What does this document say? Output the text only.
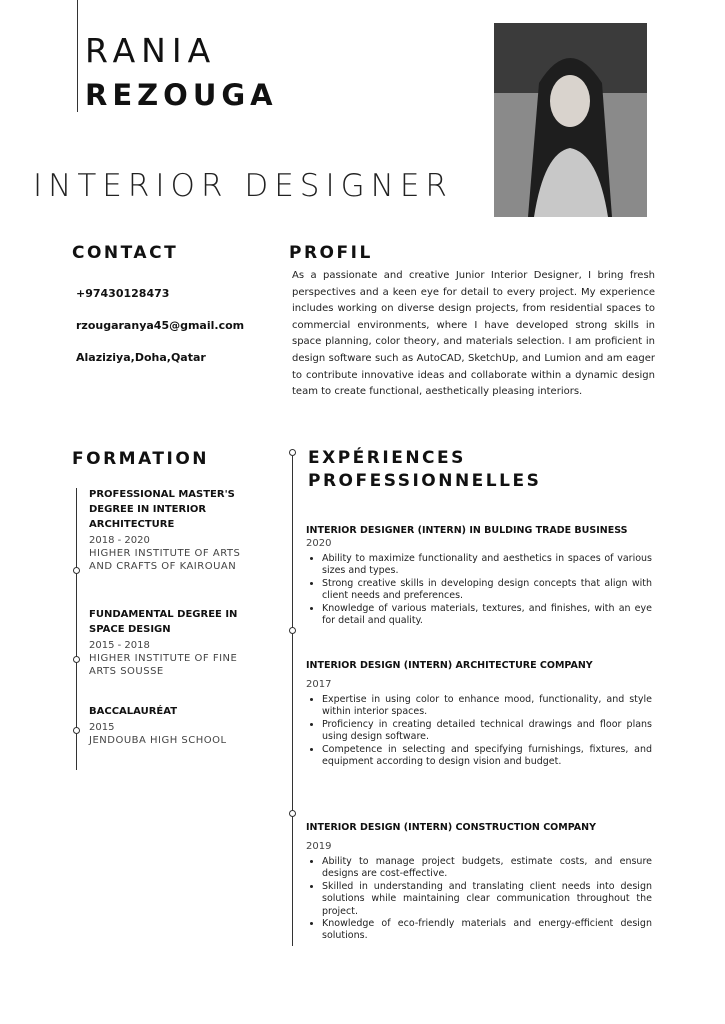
RANIA
REZOUGA
INTERIOR DESIGNER
CONTACT
+97430128473
rzougaranya45@gmail.com
Alaziziya,Doha,Qatar
PROFIL
As a passionate and creative Junior Interior Designer, I bring fresh perspectives and a keen eye for detail to every project. My experience includes working on diverse design projects, from residential spaces to commercial environments, where I have developed strong skills in space planning, color theory, and materials selection. I am proficient in design software such as AutoCAD, SketchUp, and Lumion and am eager to contribute innovative ideas and collaborate within a dynamic design team to create functional, aesthetically pleasing interiors.
FORMATION
PROFESSIONAL MASTER'S DEGREE IN INTERIOR ARCHITECTURE
2018 - 2020
HIGHER INSTITUTE OF ARTS AND CRAFTS OF KAIROUAN
FUNDAMENTAL DEGREE IN SPACE DESIGN
2015 - 2018
HIGHER INSTITUTE OF FINE ARTS SOUSSE
BACCALAURÉAT
2015
JENDOUBA HIGH SCHOOL
EXPÉRIENCES
PROFESSIONNELLES
INTERIOR DESIGNER (INTERN) IN BULDING TRADE BUSINESS
2020
• Ability to maximize functionality and aesthetics in spaces of various sizes and types.
• Strong creative skills in developing design concepts that align with client needs and preferences.
• Knowledge of various materials, textures, and finishes, with an eye for detail and quality.
INTERIOR DESIGN (INTERN) ARCHITECTURE COMPANY
2017
• Expertise in using color to enhance mood, functionality, and style within interior spaces.
• Proficiency in creating detailed technical drawings and floor plans using design software.
• Competence in selecting and specifying furnishings, fixtures, and equipment according to design vision and budget.
INTERIOR DESIGN (INTERN) CONSTRUCTION COMPANY
2019
• Ability to manage project budgets, estimate costs, and ensure designs are cost-effective.
• Skilled in understanding and translating client needs into design solutions while maintaining clear communication throughout the project.
• Knowledge of eco-friendly materials and energy-efficient design solutions.
